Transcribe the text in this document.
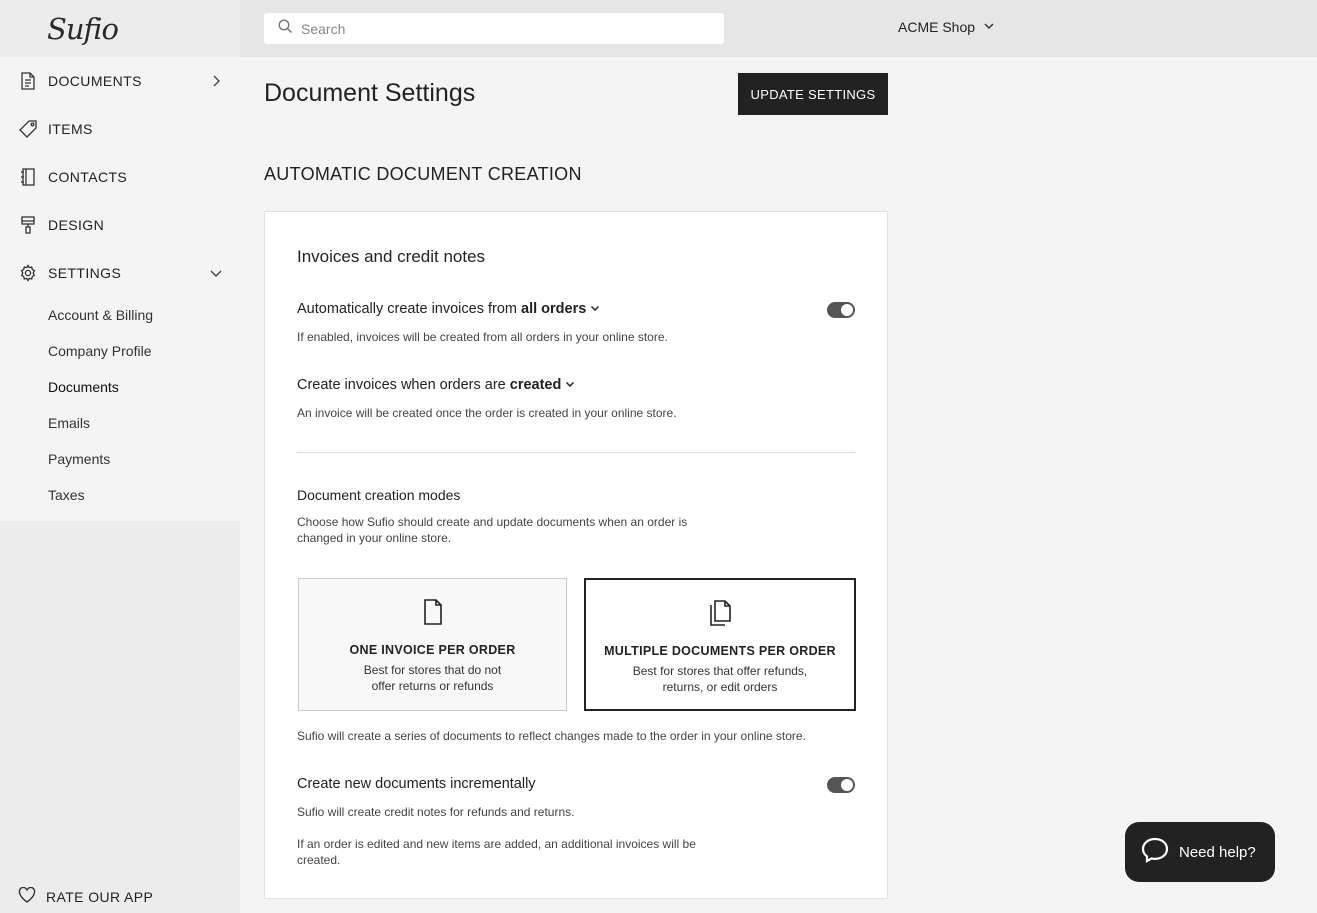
Sufio
DOCUMENTS
ITEMS
CONTACTS
DESIGN
SETTINGS
Account & Billing
Company Profile
Documents
Emails
Payments
Taxes
RATE OUR APP
Search
ACME Shop
Document Settings	UPDATE SETTINGS
AUTOMATIC DOCUMENT CREATION
Invoices and credit notes
Automatically create invoices from all orders
If enabled, invoices will be created from all orders in your online store.
Create invoices when orders are created
An invoice will be created once the order is created in your online store.
Document creation modes
Choose how Sufio should create and update documents when an order is changed in your online store.
ONE INVOICE PER ORDER
Best for stores that do not offer returns or refunds
MULTIPLE DOCUMENTS PER ORDER
Best for stores that offer refunds, returns, or edit orders
Sufio will create a series of documents to reflect changes made to the order in your online store.
Create new documents incrementally
Sufio will create credit notes for refunds and returns.
If an order is edited and new items are added, an additional invoices will be created.	Need help?
